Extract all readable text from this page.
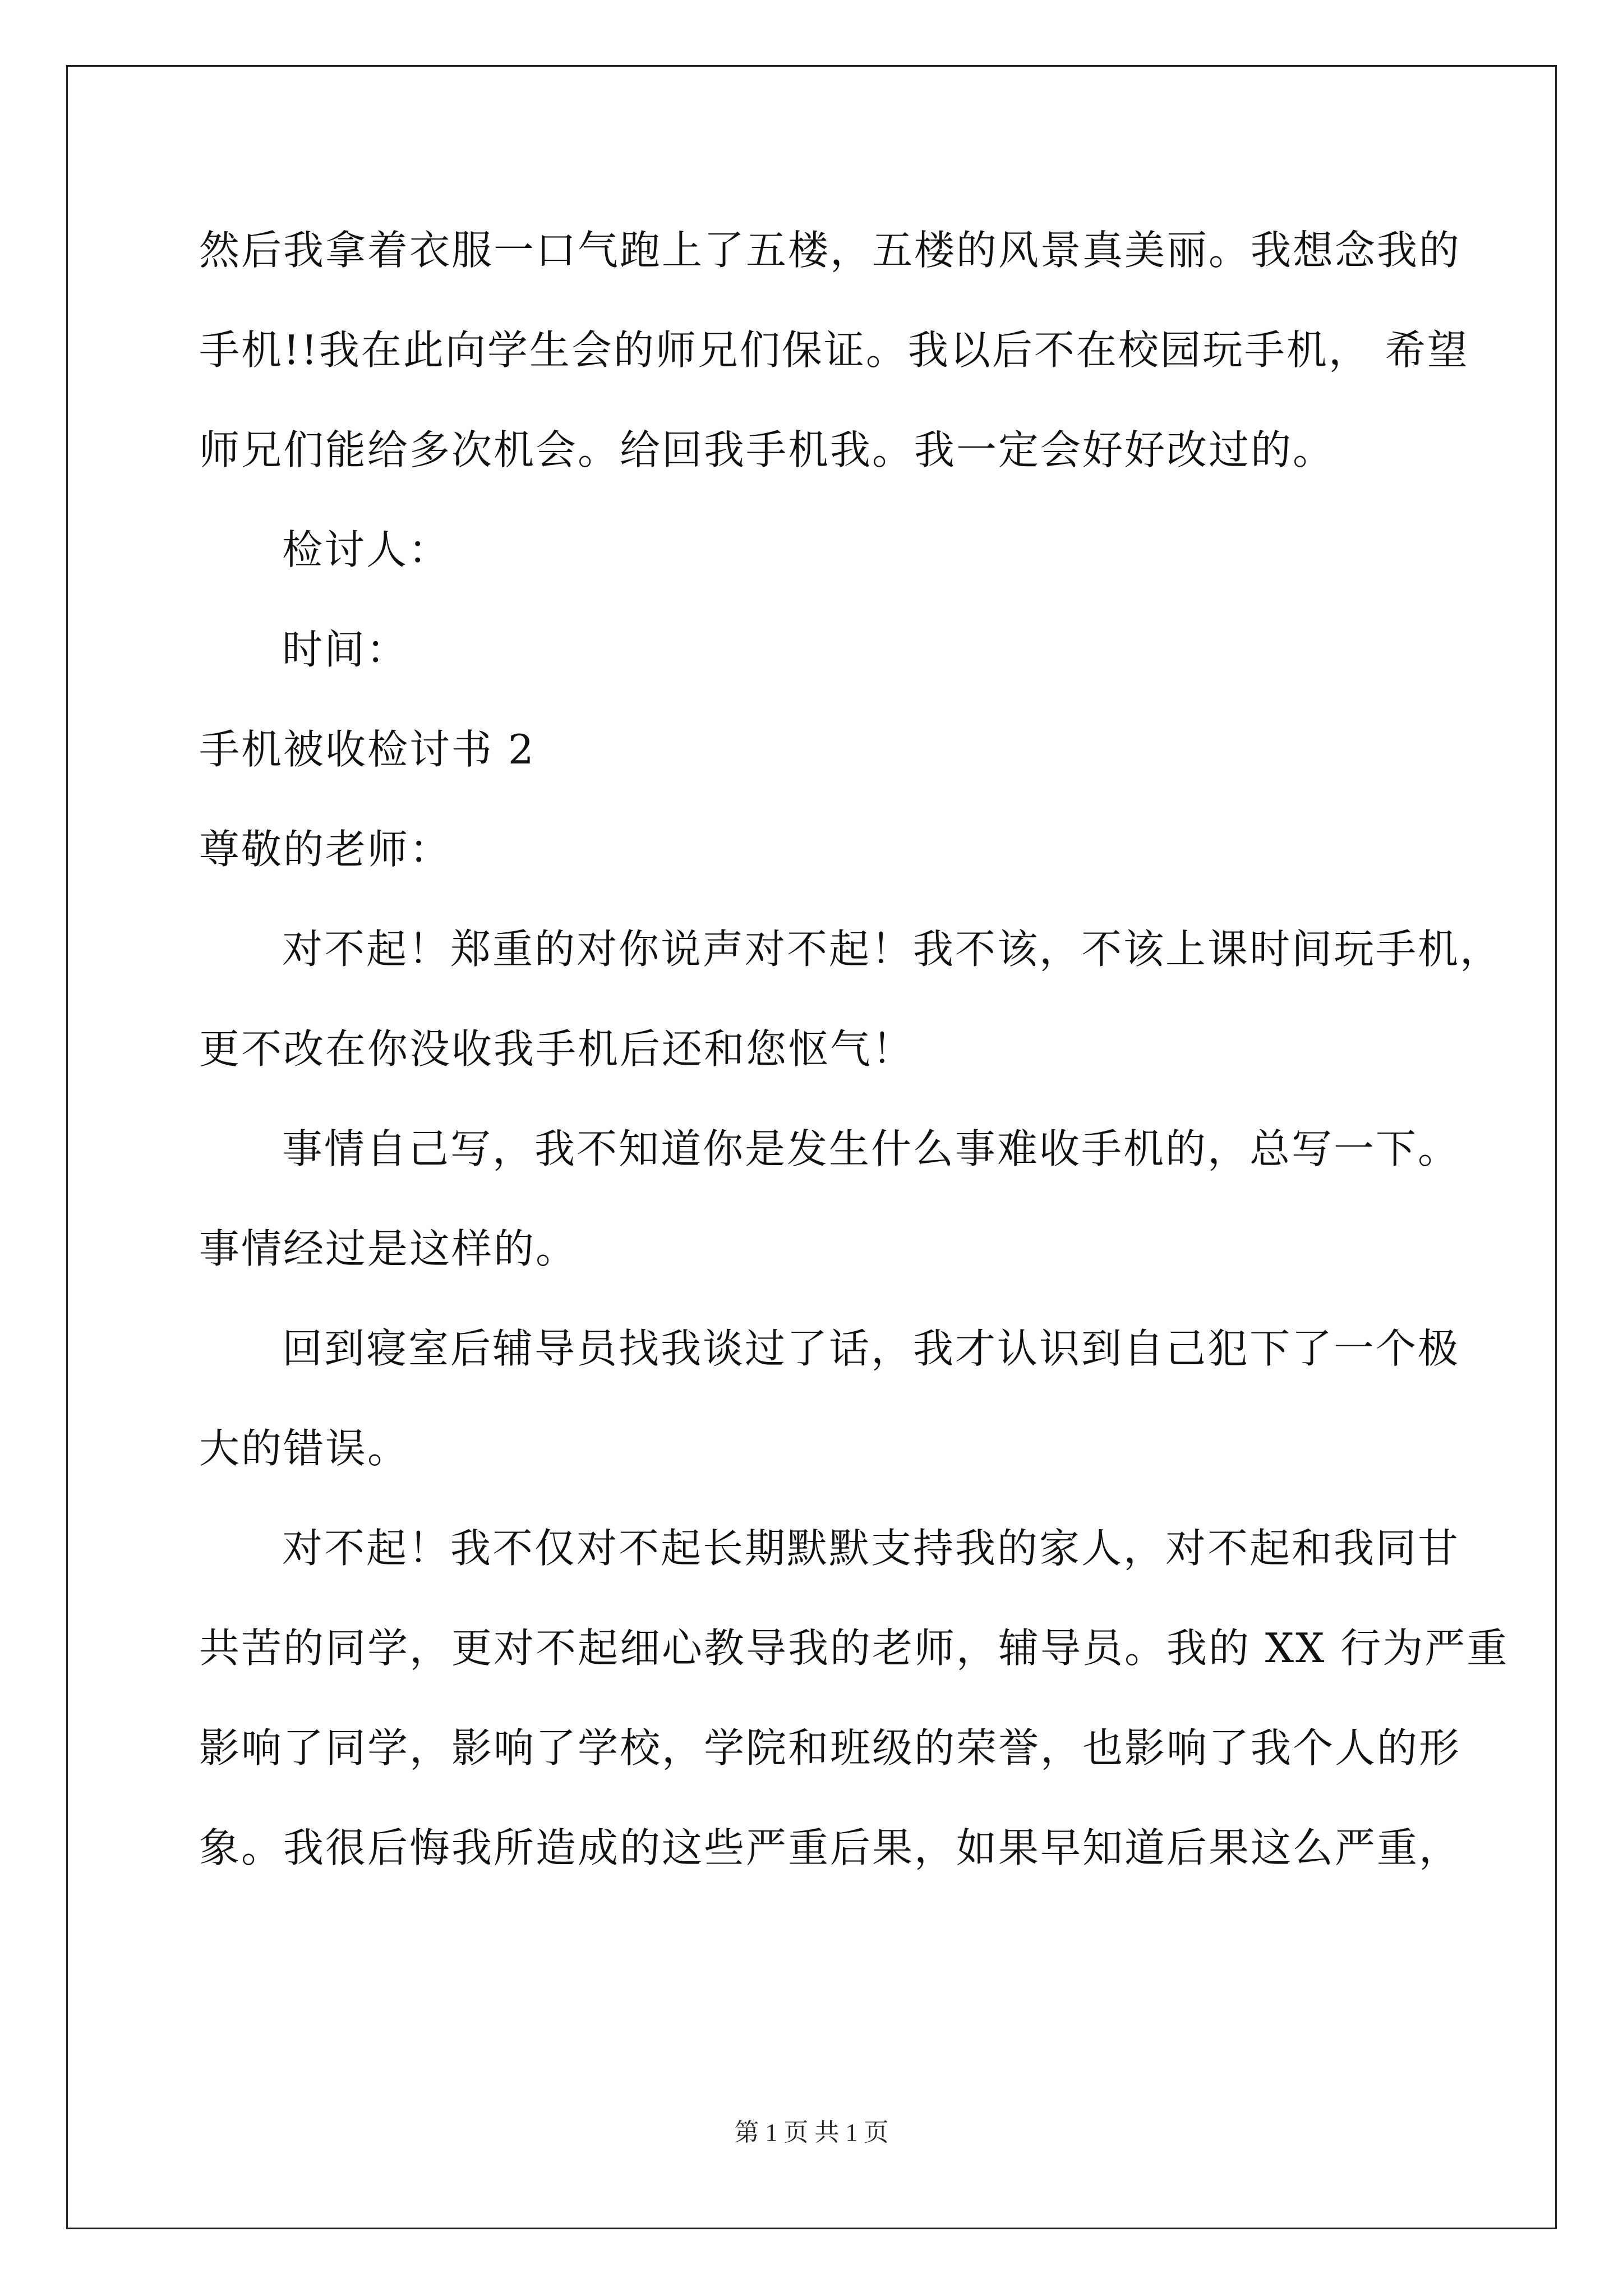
然后我拿着衣服一口气跑上了五楼，五楼的风景真美丽。我想念我的
手机!!我在此向学生会的师兄们保证。我以后不在校园玩手机， 希望
师兄们能给多次机会。给回我手机我。我一定会好好改过的。
检讨人：
时间：
手机被收检讨书 2
尊敬的老师：
对不起！郑重的对你说声对不起！我不该，不该上课时间玩手机，
更不改在你没收我手机后还和您怄气！
事情自己写，我不知道你是发生什么事难收手机的，总写一下。
事情经过是这样的。
回到寝室后辅导员找我谈过了话，我才认识到自己犯下了一个极
大的错误。
对不起！我不仅对不起长期默默支持我的家人，对不起和我同甘
共苦的同学，更对不起细心教导我的老师，辅导员。我的 XX 行为严重
影响了同学，影响了学校，学院和班级的荣誉，也影响了我个人的形
象。我很后悔我所造成的这些严重后果，如果早知道后果这么严重，
第 1 页 共 1 页
